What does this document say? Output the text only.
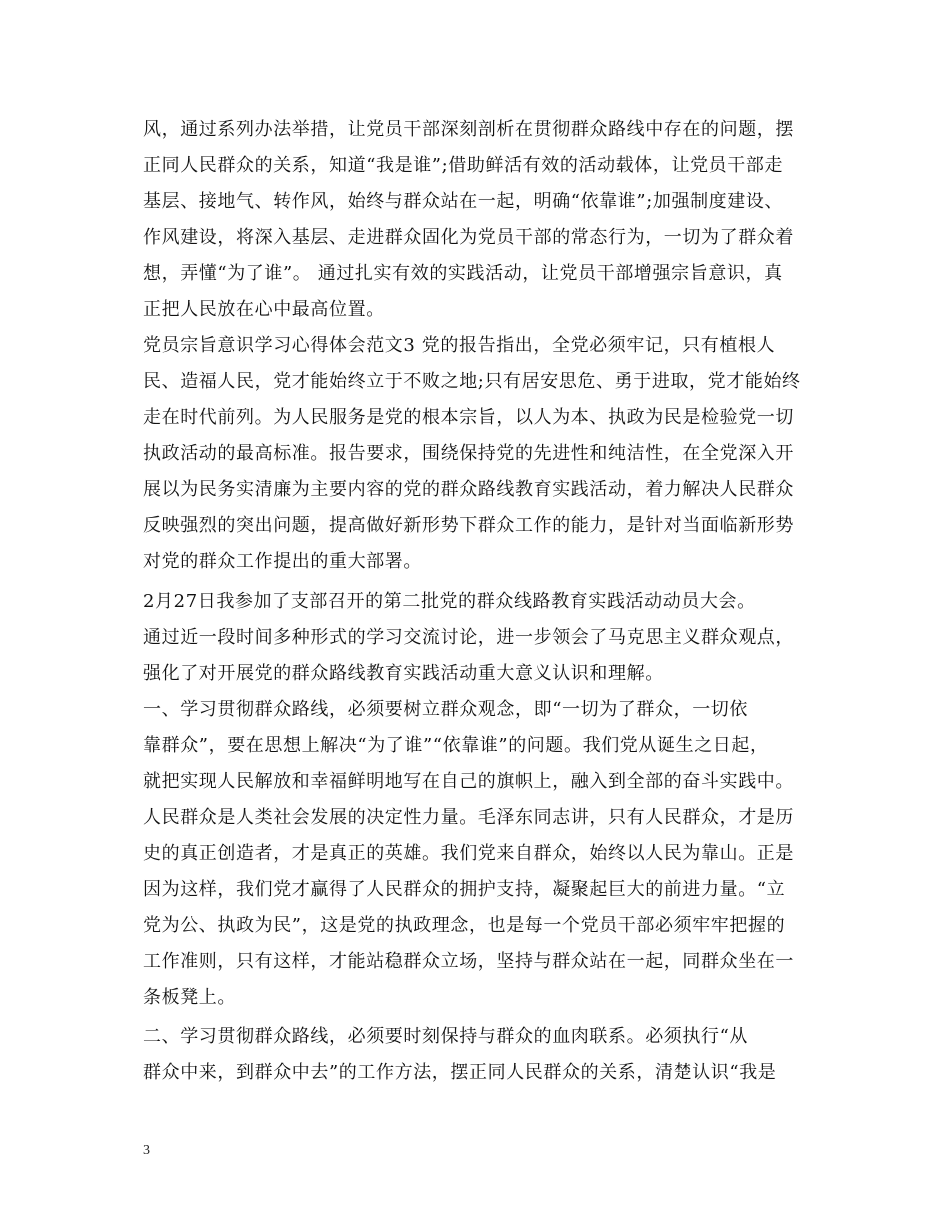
风，通过系列办法举措，让党员干部深刻剖析在贯彻群众路线中存在的问题，摆
正同人民群众的关系，知道“我是谁”;借助鲜活有效的活动载体，让党员干部走
基层、接地气、转作风，始终与群众站在一起，明确“依靠谁”;加强制度建设、
作风建设，将深入基层、走进群众固化为党员干部的常态行为，一切为了群众着
想，弄懂“为了谁”。 通过扎实有效的实践活动，让党员干部增强宗旨意识，真
正把人民放在心中最高位置。
党员宗旨意识学习心得体会范文3 党的报告指出，全党必须牢记，只有植根人
民、造福人民，党才能始终立于不败之地;只有居安思危、勇于进取，党才能始终
走在时代前列。为人民服务是党的根本宗旨，以人为本、执政为民是检验党一切
执政活动的最高标准。报告要求，围绕保持党的先进性和纯洁性，在全党深入开
展以为民务实清廉为主要内容的党的群众路线教育实践活动，着力解决人民群众
反映强烈的突出问题，提高做好新形势下群众工作的能力，是针对当面临新形势
对党的群众工作提出的重大部署。
2月27日我参加了支部召开的第二批党的群众线路教育实践活动动员大会。
通过近一段时间多种形式的学习交流讨论，进一步领会了马克思主义群众观点，
强化了对开展党的群众路线教育实践活动重大意义认识和理解。
一、学习贯彻群众路线，必须要树立群众观念，即“一切为了群众，一切依
靠群众”，要在思想上解决“为了谁”“依靠谁”的问题。我们党从诞生之日起，
就把实现人民解放和幸福鲜明地写在自己的旗帜上，融入到全部的奋斗实践中。
人民群众是人类社会发展的决定性力量。毛泽东同志讲，只有人民群众，才是历
史的真正创造者，才是真正的英雄。我们党来自群众，始终以人民为靠山。正是
因为这样，我们党才赢得了人民群众的拥护支持，凝聚起巨大的前进力量。“立
党为公、执政为民”，这是党的执政理念，也是每一个党员干部必须牢牢把握的
工作准则，只有这样，才能站稳群众立场，坚持与群众站在一起，同群众坐在一
条板凳上。
二、学习贯彻群众路线，必须要时刻保持与群众的血肉联系。必须执行“从
群众中来，到群众中去”的工作方法，摆正同人民群众的关系，清楚认识“我是
3
